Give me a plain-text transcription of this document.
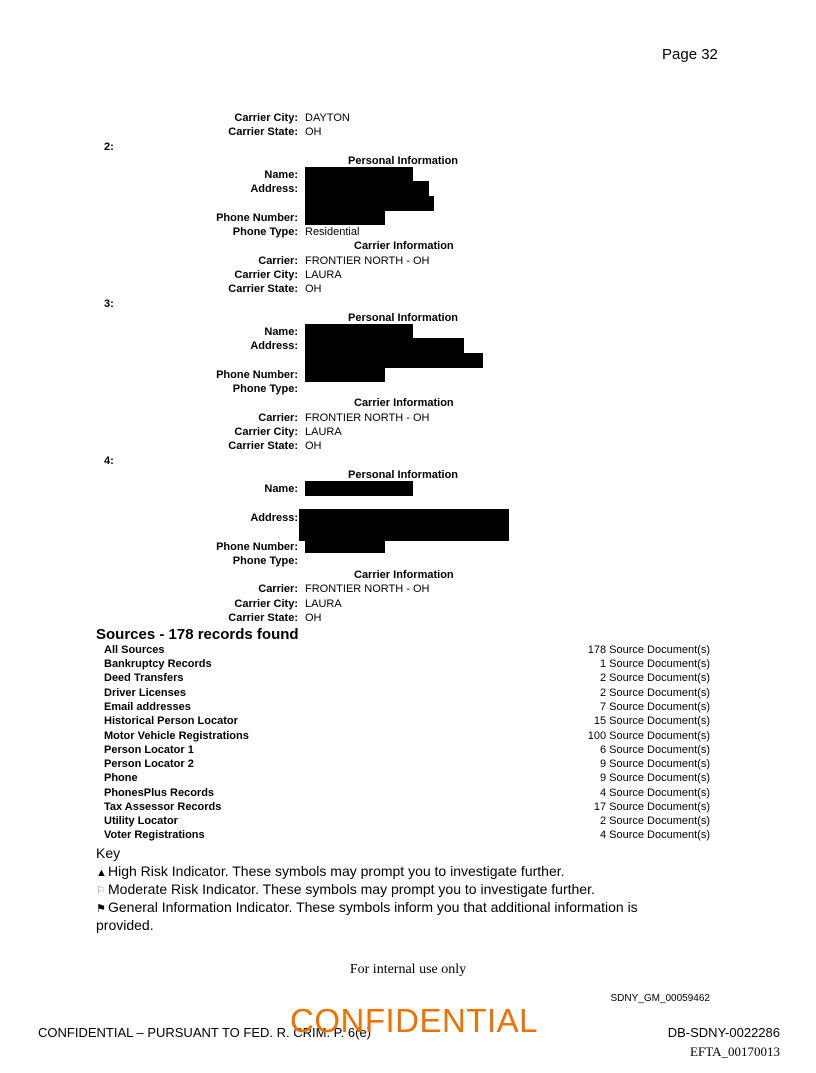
Page 32
Carrier City: DAYTON
Carrier State: OH
2:
Personal Information
Name:
Address:
Phone Number:
Phone Type: Residential
Carrier Information
Carrier: FRONTIER NORTH - OH
Carrier City: LAURA
Carrier State: OH
3:
Personal Information
Name:
Address:
Phone Number:
Phone Type:
Carrier Information
Carrier: FRONTIER NORTH - OH
Carrier City: LAURA
Carrier State: OH
4:
Personal Information
Name:
Address:
Phone Number:
Phone Type:
Carrier Information
Carrier: FRONTIER NORTH - OH
Carrier City: LAURA
Carrier State: OH
Sources - 178 records found
All Sources	178 Source Document(s)
Bankruptcy Records	1 Source Document(s)
Deed Transfers	2 Source Document(s)
Driver Licenses	2 Source Document(s)
Email addresses	7 Source Document(s)
Historical Person Locator	15 Source Document(s)
Motor Vehicle Registrations	100 Source Document(s)
Person Locator 1	6 Source Document(s)
Person Locator 2	9 Source Document(s)
Phone	9 Source Document(s)
PhonesPlus Records	4 Source Document(s)
Tax Assessor Records	17 Source Document(s)
Utility Locator	2 Source Document(s)
Voter Registrations	4 Source Document(s)
Key
▲High Risk Indicator. These symbols may prompt you to investigate further.
⚐ Moderate Risk Indicator. These symbols may prompt you to investigate further.
⚑ General Information Indicator. These symbols inform you that additional information is
provided.
For internal use only
SDNY_GM_00059462
CONFIDENTIAL – PURSUANT TO FED. R. CRIM. P. 6(e)
CONFIDENTIAL	DB-SDNY-0022286
EFTA_00170013
